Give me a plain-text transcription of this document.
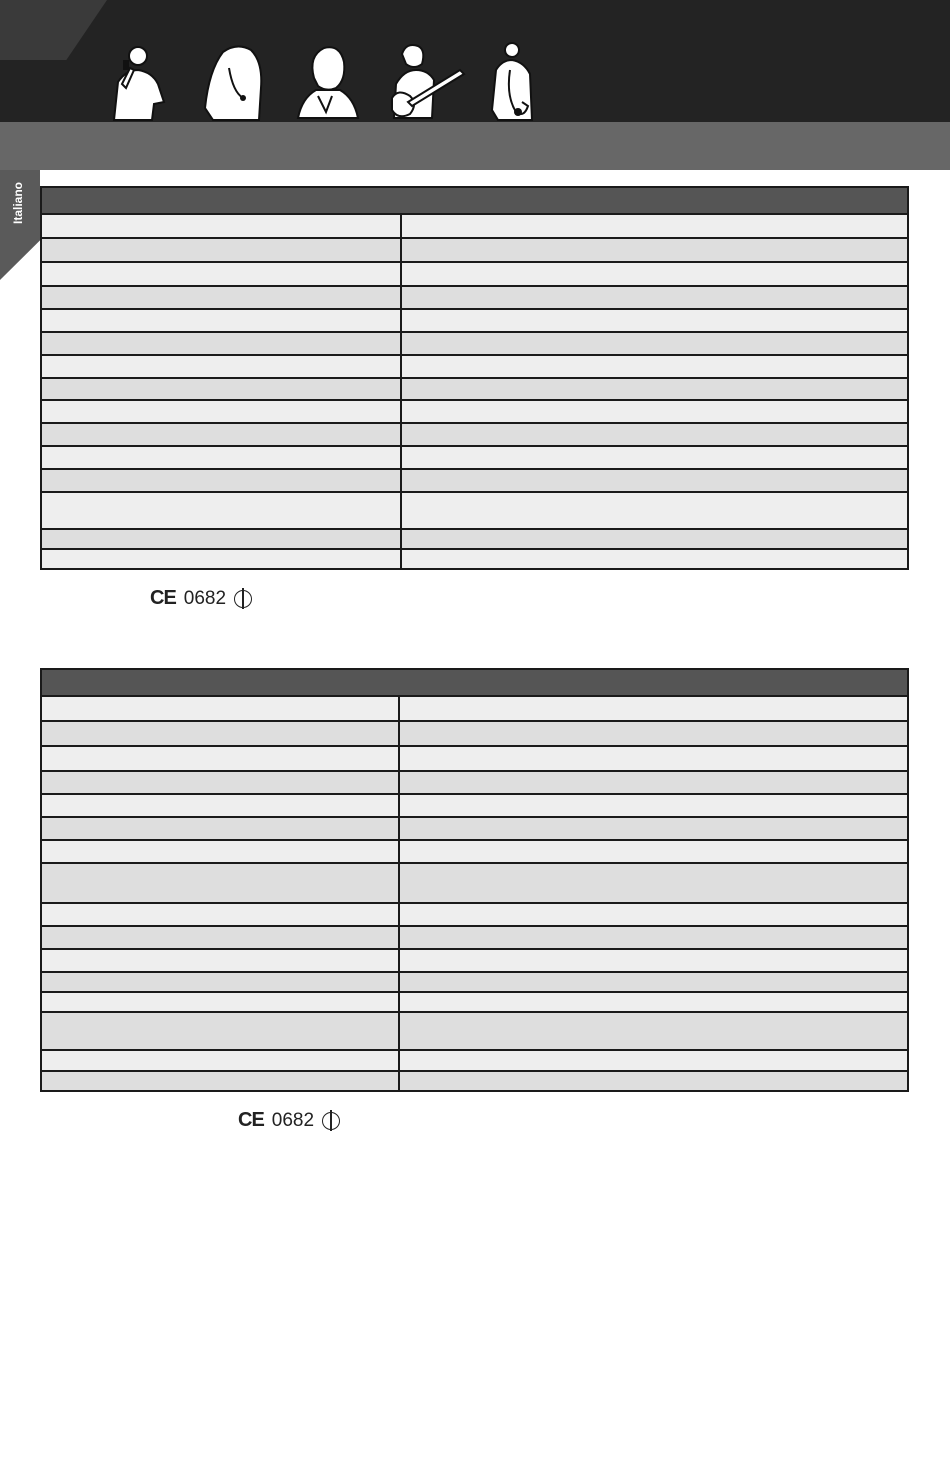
Italiano
CE 0682
CE 0682
